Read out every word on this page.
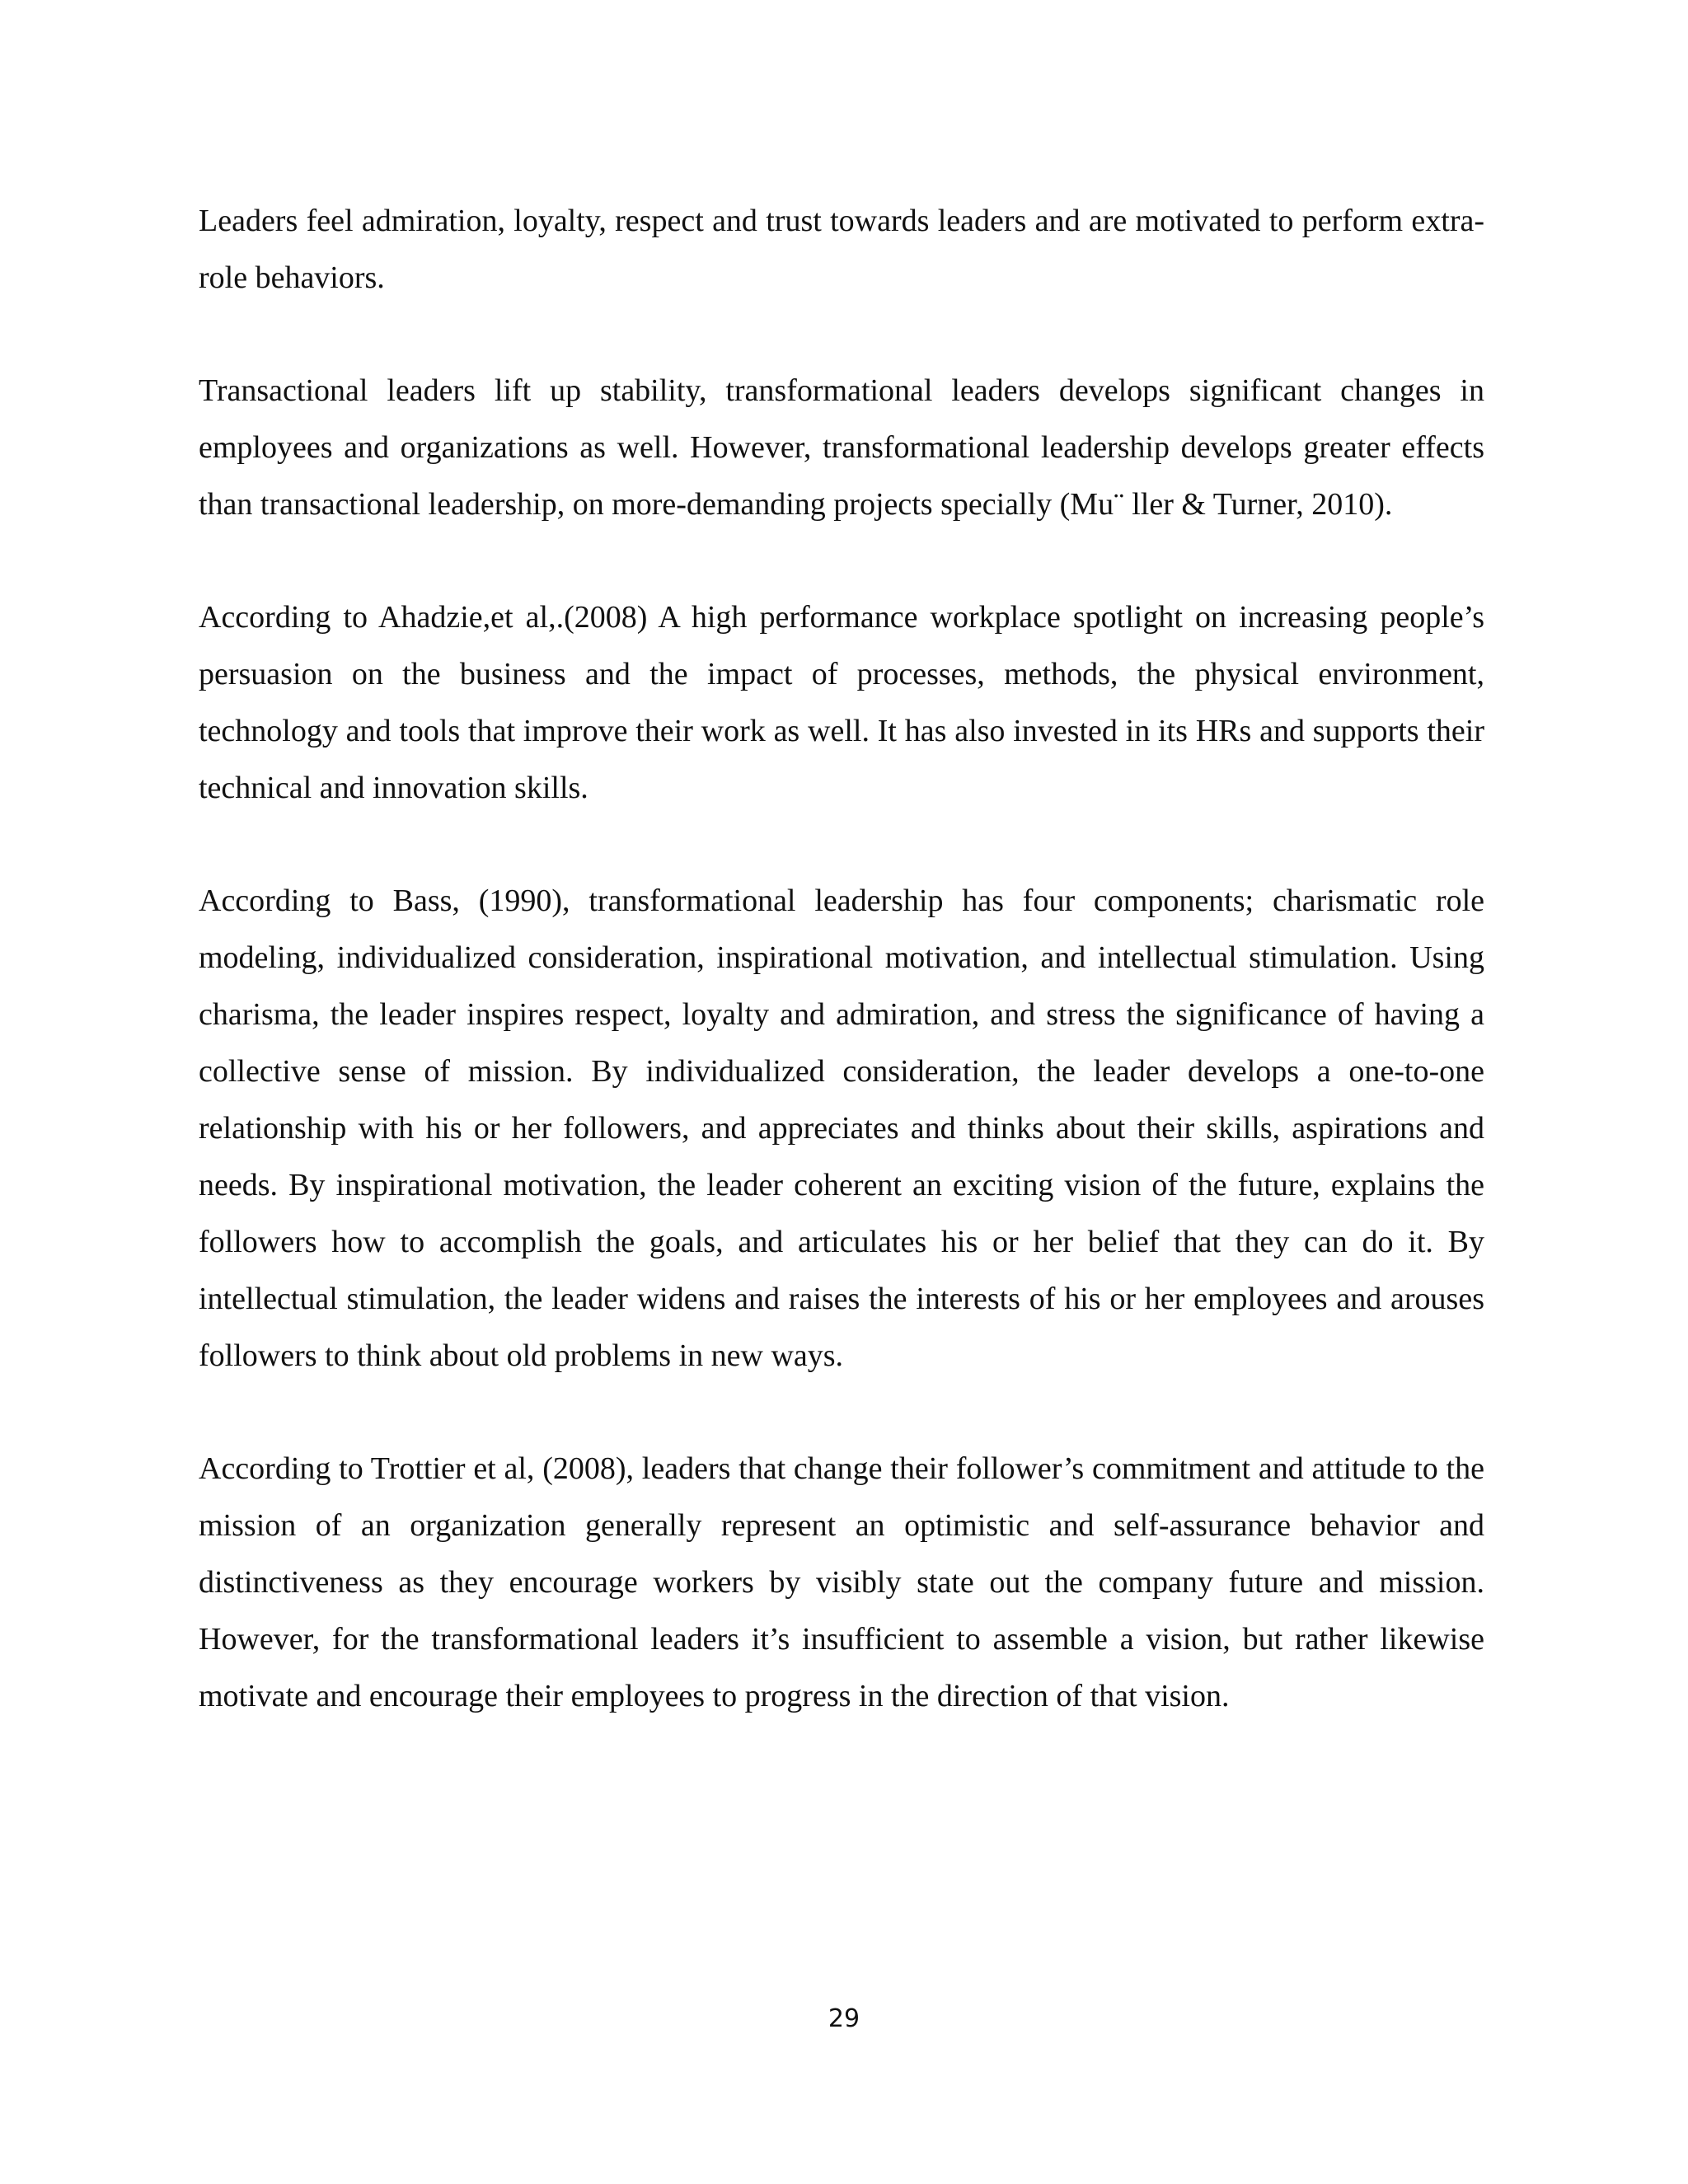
Leaders feel admiration, loyalty, respect and trust towards leaders and are motivated to perform extra-role behaviors.

Transactional leaders lift up stability, transformational leaders develops significant changes in employees and organizations as well. However, transformational leadership develops greater effects than transactional leadership, on more-demanding projects specially (Mu¨ ller & Turner, 2010).

According to Ahadzie,et al,.(2008) A high performance workplace spotlight on increasing people’s persuasion on the business and the impact of processes, methods, the physical environment, technology and tools that improve their work as well. It has also invested in its HRs and supports their technical and innovation skills.

According to Bass, (1990), transformational leadership has four components; charismatic role modeling, individualized consideration, inspirational motivation, and intellectual stimulation. Using charisma, the leader inspires respect, loyalty and admiration, and stress the significance of having a collective sense of mission. By individualized consideration, the leader develops a one-to-one relationship with his or her followers, and appreciates and thinks about their skills, aspirations and needs. By inspirational motivation, the leader coherent an exciting vision of the future, explains the followers how to accomplish the goals, and articulates his or her belief that they can do it. By intellectual stimulation, the leader widens and raises the interests of his or her employees and arouses followers to think about old problems in new ways.

According to Trottier et al, (2008), leaders that change their follower’s commitment and attitude to the mission of an organization generally represent an optimistic and self-assurance behavior and distinctiveness as they encourage workers by visibly state out the company future and mission. However, for the transformational leaders it’s insufficient to assemble a vision, but rather likewise motivate and encourage their employees to progress in the direction of that vision.

29
